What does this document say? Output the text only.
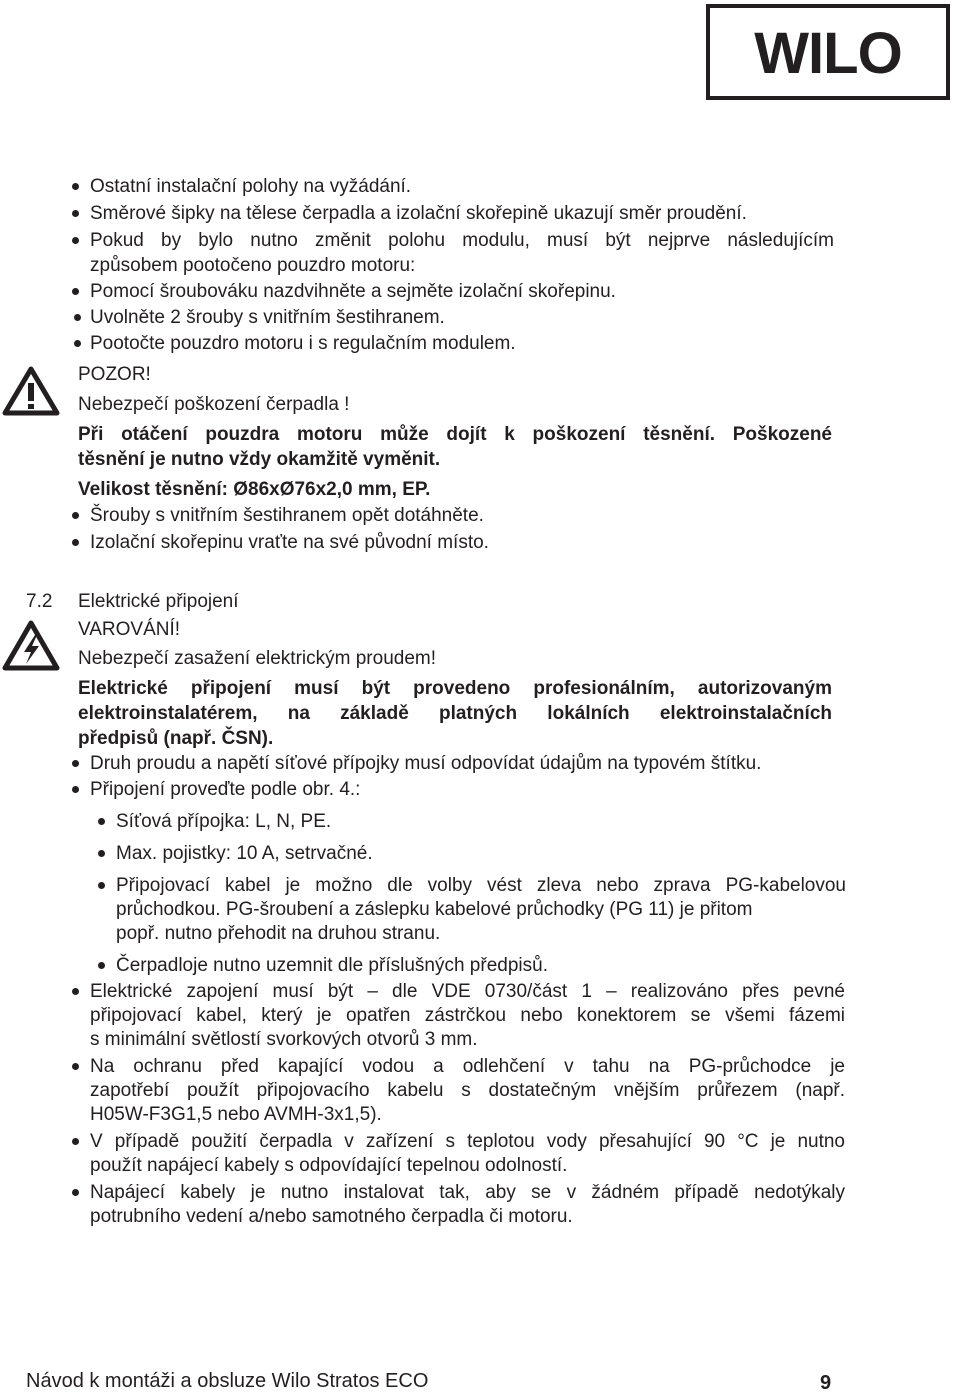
WILO
Ostatní instalační polohy na vyžádání.
Směrové šipky na tělese čerpadla a izolační skořepině ukazují směr proudění.
Pokud by bylo nutno změnit polohu modulu, musí být nejprve následujícím
způsobem pootočeno pouzdro motoru:
Pomocí šroubováku nazdvihněte a sejměte izolační skořepinu.
Uvolněte 2 šrouby s vnitřním šestihranem.
Pootočte pouzdro motoru i s regulačním modulem.
POZOR!
Nebezpečí poškození čerpadla !
Při otáčení pouzdra motoru může dojít k poškození těsnění. Poškozené
těsnění je nutno vždy okamžitě vyměnit.
Velikost těsnění: Ø86xØ76x2,0 mm, EP.
Šrouby s vnitřním šestihranem opět dotáhněte.
Izolační skořepinu vraťte na své původní místo.
7.2 Elektrické připojení
VAROVÁNÍ!
Nebezpečí zasažení elektrickým proudem!
Elektrické připojení musí být provedeno profesionálním, autorizovaným
elektroinstalatérem, na základě platných lokálních elektroinstalačních
předpisů (např. ČSN).
Druh proudu a napětí síťové přípojky musí odpovídat údajům na typovém štítku.
Připojení proveďte podle obr. 4.:
Síťová přípojka: L, N, PE.
Max. pojistky: 10 A, setrvačné.
Připojovací kabel je možno dle volby vést zleva nebo zprava PG-kabelovou
průchodkou. PG-šroubení a záslepku kabelové průchodky (PG 11) je přitom
popř. nutno přehodit na druhou stranu.
Čerpadloje nutno uzemnit dle příslušných předpisů.
Elektrické zapojení musí být – dle VDE 0730/část 1 – realizováno přes pevné
připojovací kabel, který je opatřen zástrčkou nebo konektorem se všemi fázemi
s minimální světlostí svorkových otvorů 3 mm.
Na ochranu před kapající vodou a odlehčení v tahu na PG-průchodce je
zapotřebí použít připojovacího kabelu s dostatečným vnějším průřezem (např.
H05W-F3G1,5 nebo AVMH-3x1,5).
V případě použití čerpadla v zařízení s teplotou vody přesahující 90 °C je nutno
použít napájecí kabely s odpovídající tepelnou odolností.
Napájecí kabely je nutno instalovat tak, aby se v žádném případě nedotýkaly
potrubního vedení a/nebo samotného čerpadla či motoru.
Návod k montáži a obsluze Wilo Stratos ECO	9
